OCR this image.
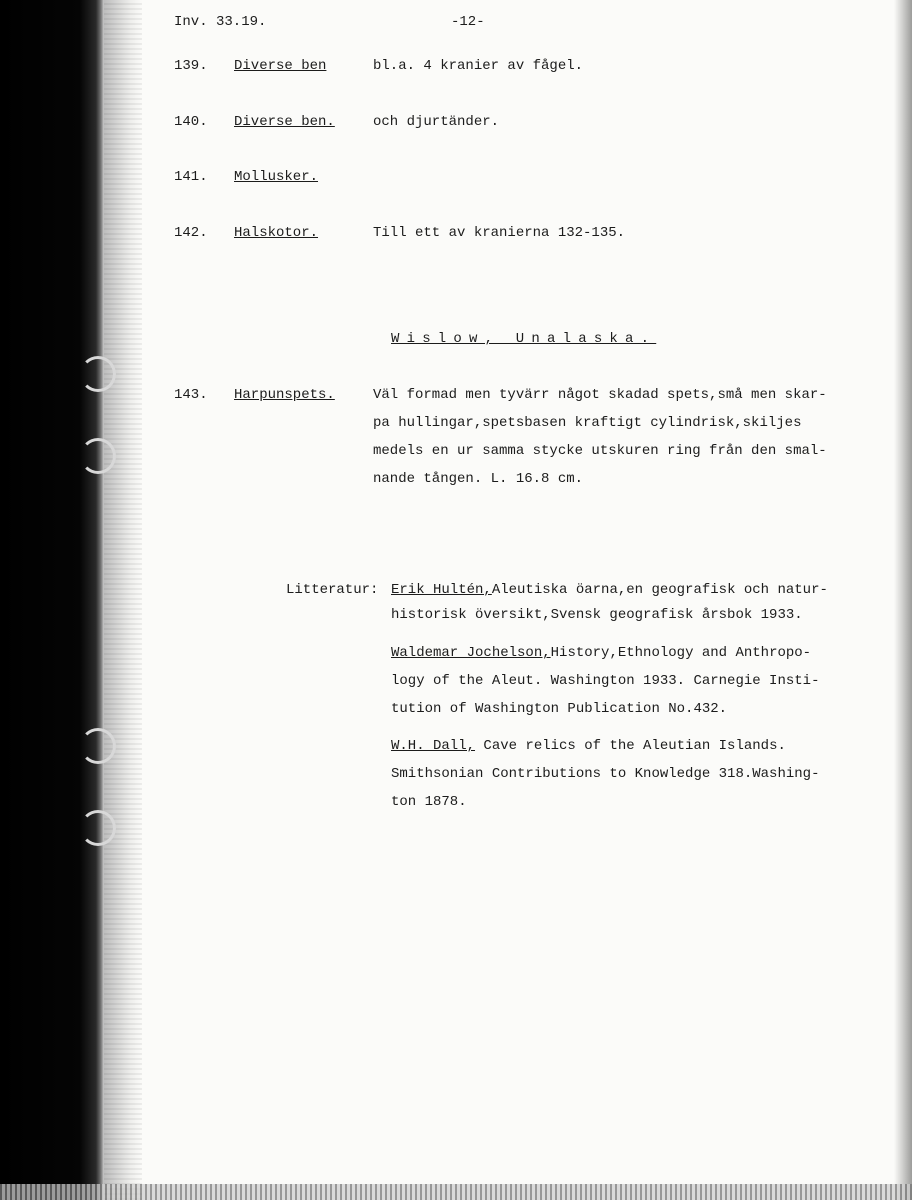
Inv. 33.19.	-12-
139. Diverse ben	bl.a. 4 kranier av fågel.
140. Diverse ben.	och djurtänder.
141. Mollusker.
142. Halskotor.	Till ett av kranierna 132-135.
Wislow, Unalaska.
143. Harpunspets.	Väl formad men tyvärr något skadad spets,små men skar-
pa hullingar,spetsbasen kraftigt cylindrisk,skiljes
medels en ur samma stycke utskuren ring från den smal-
nande tången. L. 16.8 cm.
Litteratur: Erik Hultén,Aleutiska öarna,en geografisk och natur-
historisk översikt,Svensk geografisk årsbok 1933.
Waldemar Jochelson,History,Ethnology and Anthropo-
logy of the Aleut. Washington 1933. Carnegie Insti-
tution of Washington Publication No.432.
W.H. Dall, Cave relics of the Aleutian Islands.
Smithsonian Contributions to Knowledge 318.Washing-
ton 1878.
